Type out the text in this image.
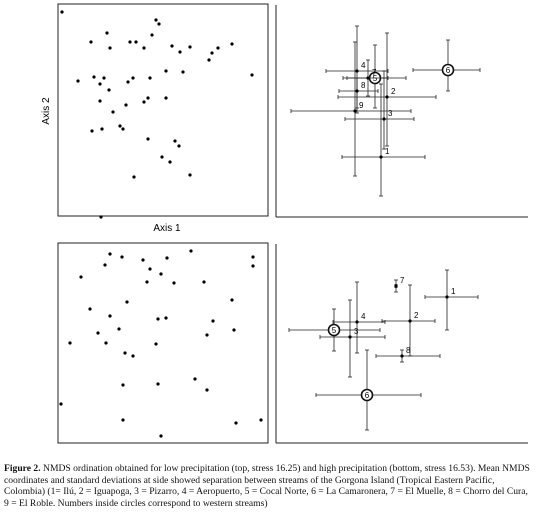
Axis 2
Axis 1
1
2
3
4
5
6
7
8
9
1
2
3
4
5
6
7
8
Figure 2. NMDS ordination obtained for low precipitation (top, stress 16.25) and high precipitation (bottom, stress 16.53). Mean NMDS coordinates and standard deviations at side showed separation between streams of the Gorgona Island (Tropical Eastern Pacific, Colombia) (1= Ilú, 2 = Iguapoga, 3 = Pizarro, 4 = Aeropuerto, 5 = Cocal Norte, 6 = La Camaronera, 7 = El Muelle, 8 = Chorro del Cura, 9 = El Roble. Numbers inside circles correspond to western streams)
